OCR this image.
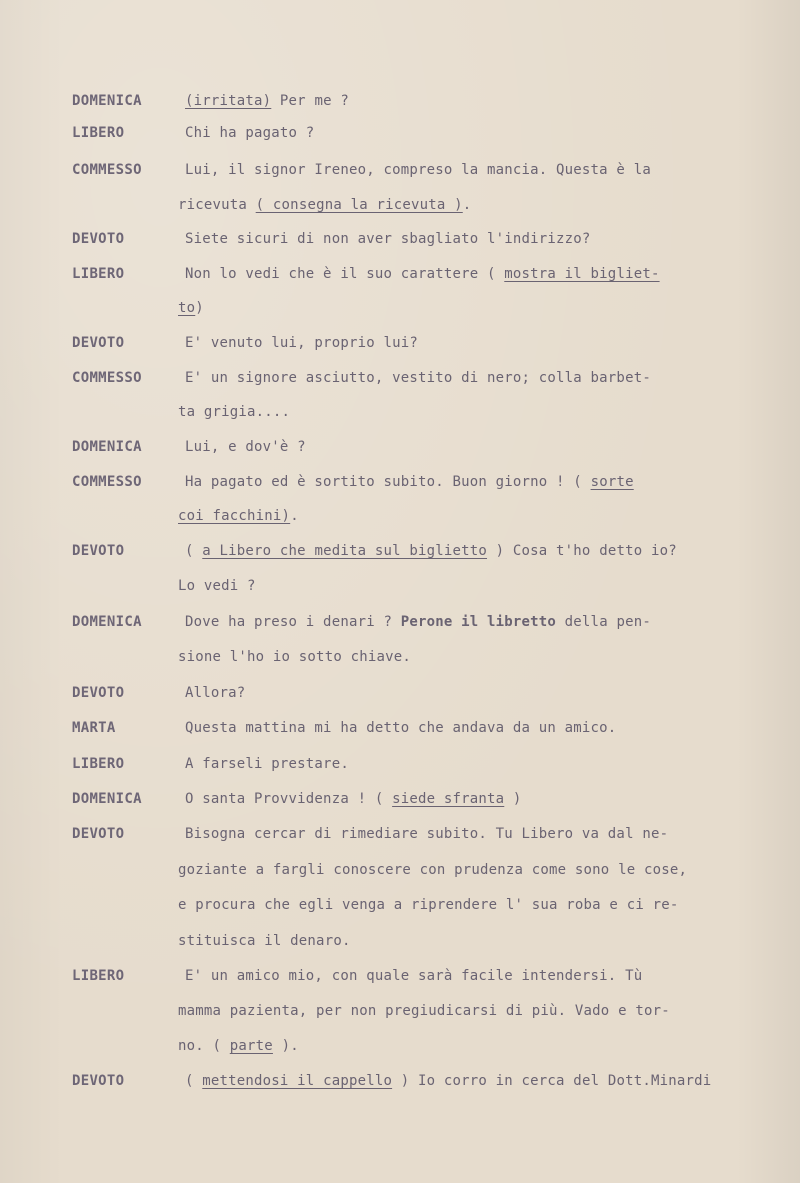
DOMENICA	(irritata) Per me ?
LIBERO	Chi ha pagato ?
COMMESSO	Lui, il signor Ireneo, compreso la mancia. Questa è la
ricevuta ( consegna la ricevuta ).
DEVOTO	Siete sicuri di non aver sbagliato l'indirizzo?
LIBERO	Non lo vedi che è il suo carattere ( mostra il bigliet-
to)
DEVOTO	E' venuto lui, proprio lui?
COMMESSO	E' un signore asciutto, vestito di nero; colla barbet-
ta grigia....
DOMENICA	Lui, e dov'è ?
COMMESSO	Ha pagato ed è sortito subito. Buon giorno ! ( sorte
coi facchini).
DEVOTO	( a Libero che medita sul biglietto ) Cosa t'ho detto io?
Lo vedi ?
DOMENICA	Dove ha preso i denari ? Perone il libretto della pen-
sione l'ho io sotto chiave.
DEVOTO	Allora?
MARTA	Questa mattina mi ha detto che andava da un amico.
LIBERO	A farseli prestare.
DOMENICA	O santa Provvidenza ! ( siede sfranta )
DEVOTO	Bisogna cercar di rimediare subito. Tu Libero va dal ne-
goziante a fargli conoscere con prudenza come sono le cose,
e procura che egli venga a riprendere l' sua roba e ci re-
stituisca il denaro.
LIBERO	E' un amico mio, con quale sarà facile intendersi. Tù
mamma pazienta, per non pregiudicarsi di più. Vado e tor-
no. ( parte ).
DEVOTO	( mettendosi il cappello ) Io corro in cerca del Dott.Minardi
